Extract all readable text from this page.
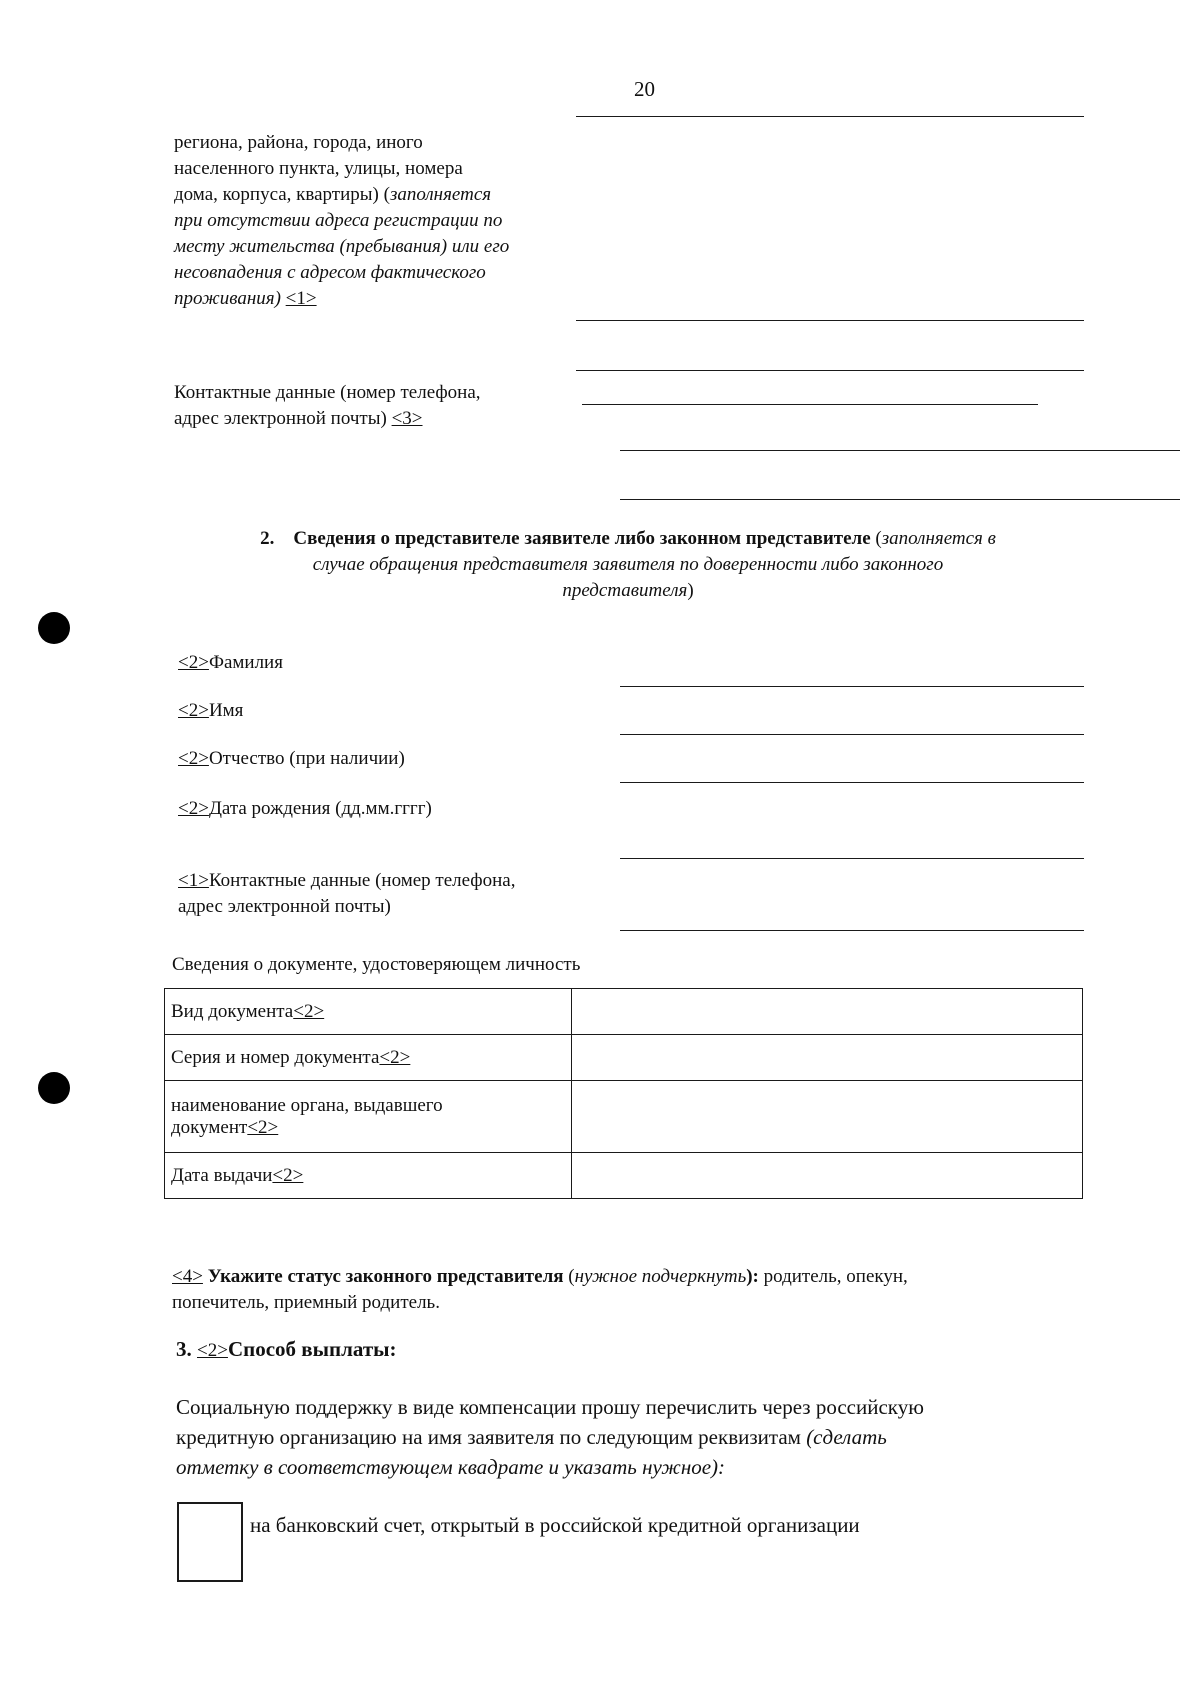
20
региона, района, города, иного
населенного пункта, улицы, номера
дома, корпуса, квартиры) (заполняется
при отсутствии адреса регистрации по
месту жительства (пребывания) или его
несовпадения с адресом фактического
проживания) <1>
Контактные данные (номер телефона,
адрес электронной почты) <3>
2. Сведения о представителе заявителе либо законном представителе (заполняется в
случае обращения представителя заявителя по доверенности либо законного
представителя)
<2>Фамилия
<2>Имя
<2>Отчество (при наличии)
<2>Дата рождения (дд.мм.гггг)
<1>Контактные данные (номер телефона,
адрес электронной почты)
Сведения о документе, удостоверяющем личность
Вид документа<2>	
Серия и номер документа<2>	

наименование органа, выдавшего
документ<2>	

Дата выдачи<2>	
<4> Укажите статус законного представителя (нужное подчеркнуть): родитель, опекун,
попечитель, приемный родитель.
3. <2>Способ выплаты:
Социальную поддержку в виде компенсации прошу перечислить через российскую
кредитную организацию на имя заявителя по следующим реквизитам (сделать
отметку в соответствующем квадрате и указать нужное):
на банковский счет, открытый в российской кредитной организации
